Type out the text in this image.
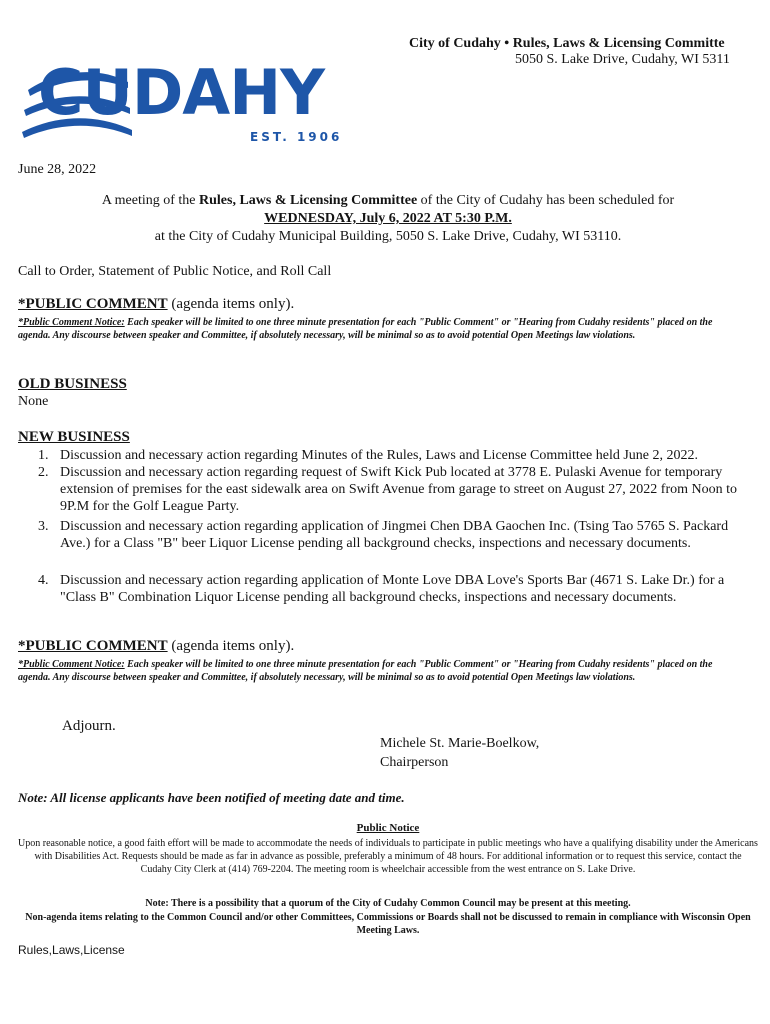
City of Cudahy • Rules, Laws & Licensing Committe
5050 S. Lake Drive, Cudahy, WI 5311
CUDAHY
EST. 1906
June 28, 2022
A meeting of the Rules, Laws & Licensing Committee of the City of Cudahy has been scheduled for
WEDNESDAY, July 6, 2022 AT 5:30 P.M.
at the City of Cudahy Municipal Building, 5050 S. Lake Drive, Cudahy, WI 53110.
Call to Order, Statement of Public Notice, and Roll Call
*PUBLIC COMMENT (agenda items only).
*Public Comment Notice: Each speaker will be limited to one three minute presentation for each "Public Comment" or "Hearing from Cudahy residents" placed on the agenda. Any discourse between speaker and Committee, if absolutely necessary, will be minimal so as to avoid potential Open Meetings law violations.
OLD BUSINESS
None
NEW BUSINESS
1. Discussion and necessary action regarding Minutes of the Rules, Laws and License Committee held June 2, 2022.
2. Discussion and necessary action regarding request of Swift Kick Pub located at 3778 E. Pulaski Avenue for temporary extension of premises for the east sidewalk area on Swift Avenue from garage to street on August 27, 2022 from Noon to 9P.M for the Golf League Party.
3. Discussion and necessary action regarding application of Jingmei Chen DBA Gaochen Inc. (Tsing Tao 5765 S. Packard Ave.) for a Class "B" beer Liquor License pending all background checks, inspections and necessary documents.
4. Discussion and necessary action regarding application of Monte Love DBA Love's Sports Bar (4671 S. Lake Dr.) for a "Class B" Combination Liquor License pending all background checks, inspections and necessary documents.
*PUBLIC COMMENT (agenda items only).
*Public Comment Notice: Each speaker will be limited to one three minute presentation for each "Public Comment" or "Hearing from Cudahy residents" placed on the agenda. Any discourse between speaker and Committee, if absolutely necessary, will be minimal so as to avoid potential Open Meetings law violations.
Adjourn.
Michele St. Marie-Boelkow,
Chairperson
Note: All license applicants have been notified of meeting date and time.
Public Notice
Upon reasonable notice, a good faith effort will be made to accommodate the needs of individuals to participate in public meetings who have a qualifying disability under the Americans with Disabilities Act. Requests should be made as far in advance as possible, preferably a minimum of 48 hours. For additional information or to request this service, contact the Cudahy City Clerk at (414) 769-2204. The meeting room is wheelchair accessible from the west entrance on S. Lake Drive.
Note: There is a possibility that a quorum of the City of Cudahy Common Council may be present at this meeting.
Non-agenda items relating to the Common Council and/or other Committees, Commissions or Boards shall not be discussed to remain in compliance with Wisconsin Open Meeting Laws.
Rules,Laws,License
